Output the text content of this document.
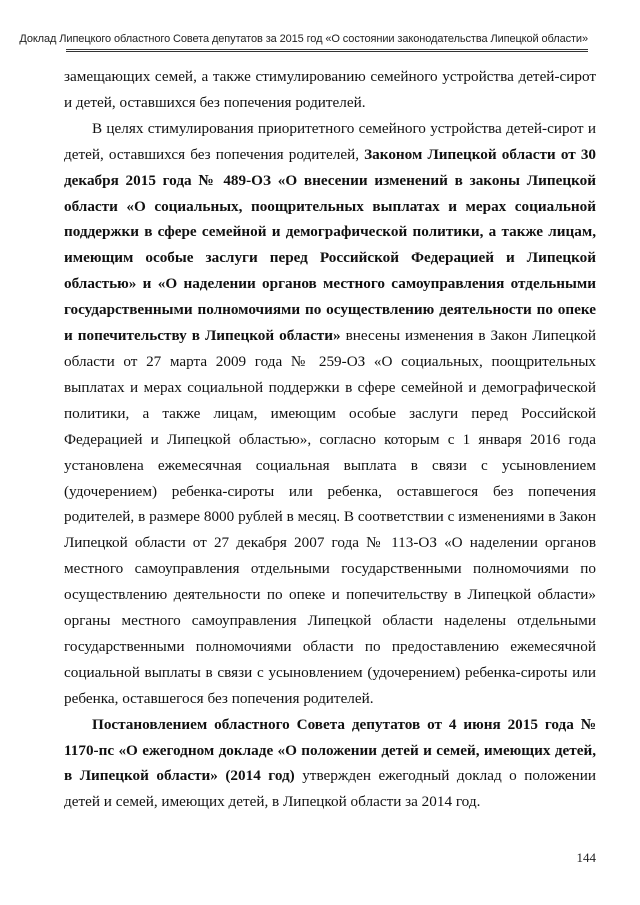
Доклад Липецкого областного Совета депутатов за 2015 год «О состоянии законодательства Липецкой области»

замещающих семей, а также стимулированию семейного устройства детей-сирот и детей, оставшихся без попечения родителей.

В целях стимулирования приоритетного семейного устройства детей-сирот и детей, оставшихся без попечения родителей, Законом Липецкой области от 30 декабря 2015 года № 489-ОЗ «О внесении изменений в законы Липецкой области «О социальных, поощрительных выплатах и мерах социальной поддержки в сфере семейной и демографической политики, а также лицам, имеющим особые заслуги перед Российской Федерацией и Липецкой областью» и «О наделении органов местного самоуправления отдельными государственными полномочиями по осуществлению деятельности по опеке и попечительству в Липецкой области» внесены изменения в Закон Липецкой области от 27 марта 2009 года № 259-ОЗ «О социальных, поощрительных выплатах и мерах социальной поддержки в сфере семейной и демографической политики, а также лицам, имеющим особые заслуги перед Российской Федерацией и Липецкой областью», согласно которым с 1 января 2016 года установлена ежемесячная социальная выплата в связи с усыновлением (удочерением) ребенка-сироты или ребенка, оставшегося без попечения родителей, в размере 8000 рублей в месяц. В соответствии с изменениями в Закон Липецкой области от 27 декабря 2007 года № 113-ОЗ «О наделении органов местного самоуправления отдельными государственными полномочиями по осуществлению деятельности по опеке и попечительству в Липецкой области» органы местного самоуправления Липецкой области наделены отдельными государственными полномочиями области по предоставлению ежемесячной социальной выплаты в связи с усыновлением (удочерением) ребенка-сироты или ребенка, оставшегося без попечения родителей.

Постановлением областного Совета депутатов от 4 июня 2015 года № 1170-пс «О ежегодном докладе «О положении детей и семей, имеющих детей, в Липецкой области» (2014 год) утвержден ежегодный доклад о положении детей и семей, имеющих детей, в Липецкой области за 2014 год.

144
